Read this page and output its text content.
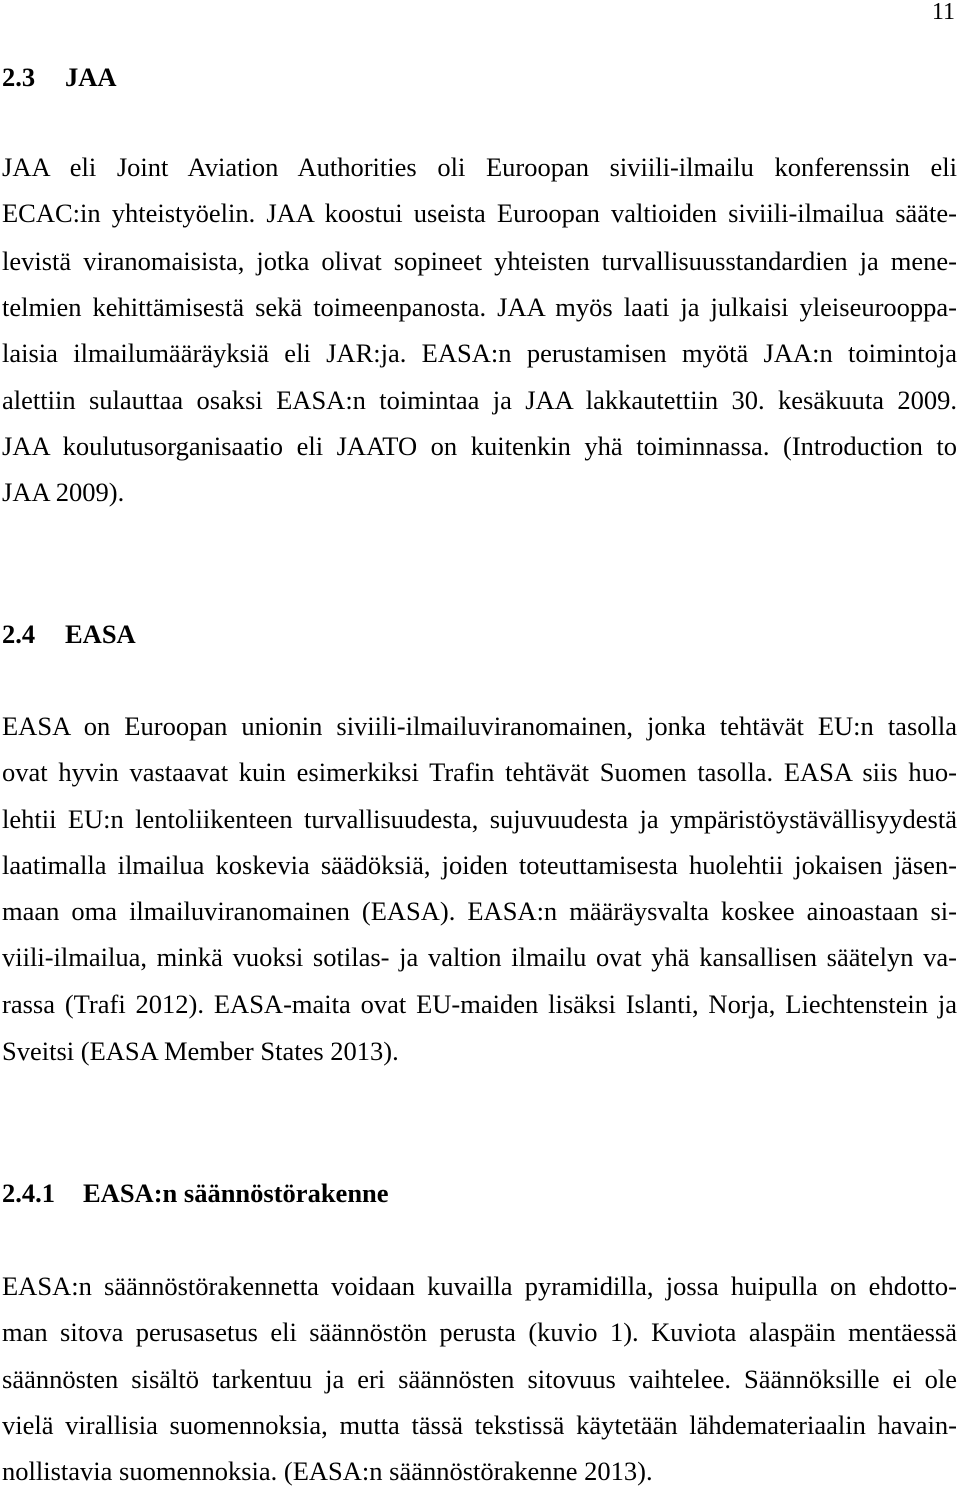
11
2.3 JAA
JAA eli Joint Aviation Authorities oli Euroopan siviili-ilmailu konferenssin eli
ECAC:in yhteistyöelin. JAA koostui useista Euroopan valtioiden siviili-ilmailua sääte-
levistä viranomaisista, jotka olivat sopineet yhteisten turvallisuusstandardien ja mene-
telmien kehittämisestä sekä toimeenpanosta. JAA myös laati ja julkaisi yleiseurooppa-
laisia ilmailumääräyksiä eli JAR:ja. EASA:n perustamisen myötä JAA:n toimintoja
alettiin sulauttaa osaksi EASA:n toimintaa ja JAA lakkautettiin 30. kesäkuuta 2009.
JAA koulutusorganisaatio eli JAATO on kuitenkin yhä toiminnassa. (Introduction to
JAA 2009).
2.4 EASA
EASA on Euroopan unionin siviili-ilmailuviranomainen, jonka tehtävät EU:n tasolla
ovat hyvin vastaavat kuin esimerkiksi Trafin tehtävät Suomen tasolla. EASA siis huo-
lehtii EU:n lentoliikenteen turvallisuudesta, sujuvuudesta ja ympäristöystävällisyydestä
laatimalla ilmailua koskevia säädöksiä, joiden toteuttamisesta huolehtii jokaisen jäsen-
maan oma ilmailuviranomainen (EASA). EASA:n määräysvalta koskee ainoastaan si-
viili-ilmailua, minkä vuoksi sotilas- ja valtion ilmailu ovat yhä kansallisen säätelyn va-
rassa (Trafi 2012). EASA-maita ovat EU-maiden lisäksi Islanti, Norja, Liechtenstein ja
Sveitsi (EASA Member States 2013).
2.4.1 EASA:n säännöstörakenne
EASA:n säännöstörakennetta voidaan kuvailla pyramidilla, jossa huipulla on ehdotto-
man sitova perusasetus eli säännöstön perusta (kuvio 1). Kuviota alaspäin mentäessä
säännösten sisältö tarkentuu ja eri säännösten sitovuus vaihtelee. Säännöksille ei ole
vielä virallisia suomennoksia, mutta tässä tekstissä käytetään lähdemateriaalin havain-
nollistavia suomennoksia. (EASA:n säännöstörakenne 2013).
